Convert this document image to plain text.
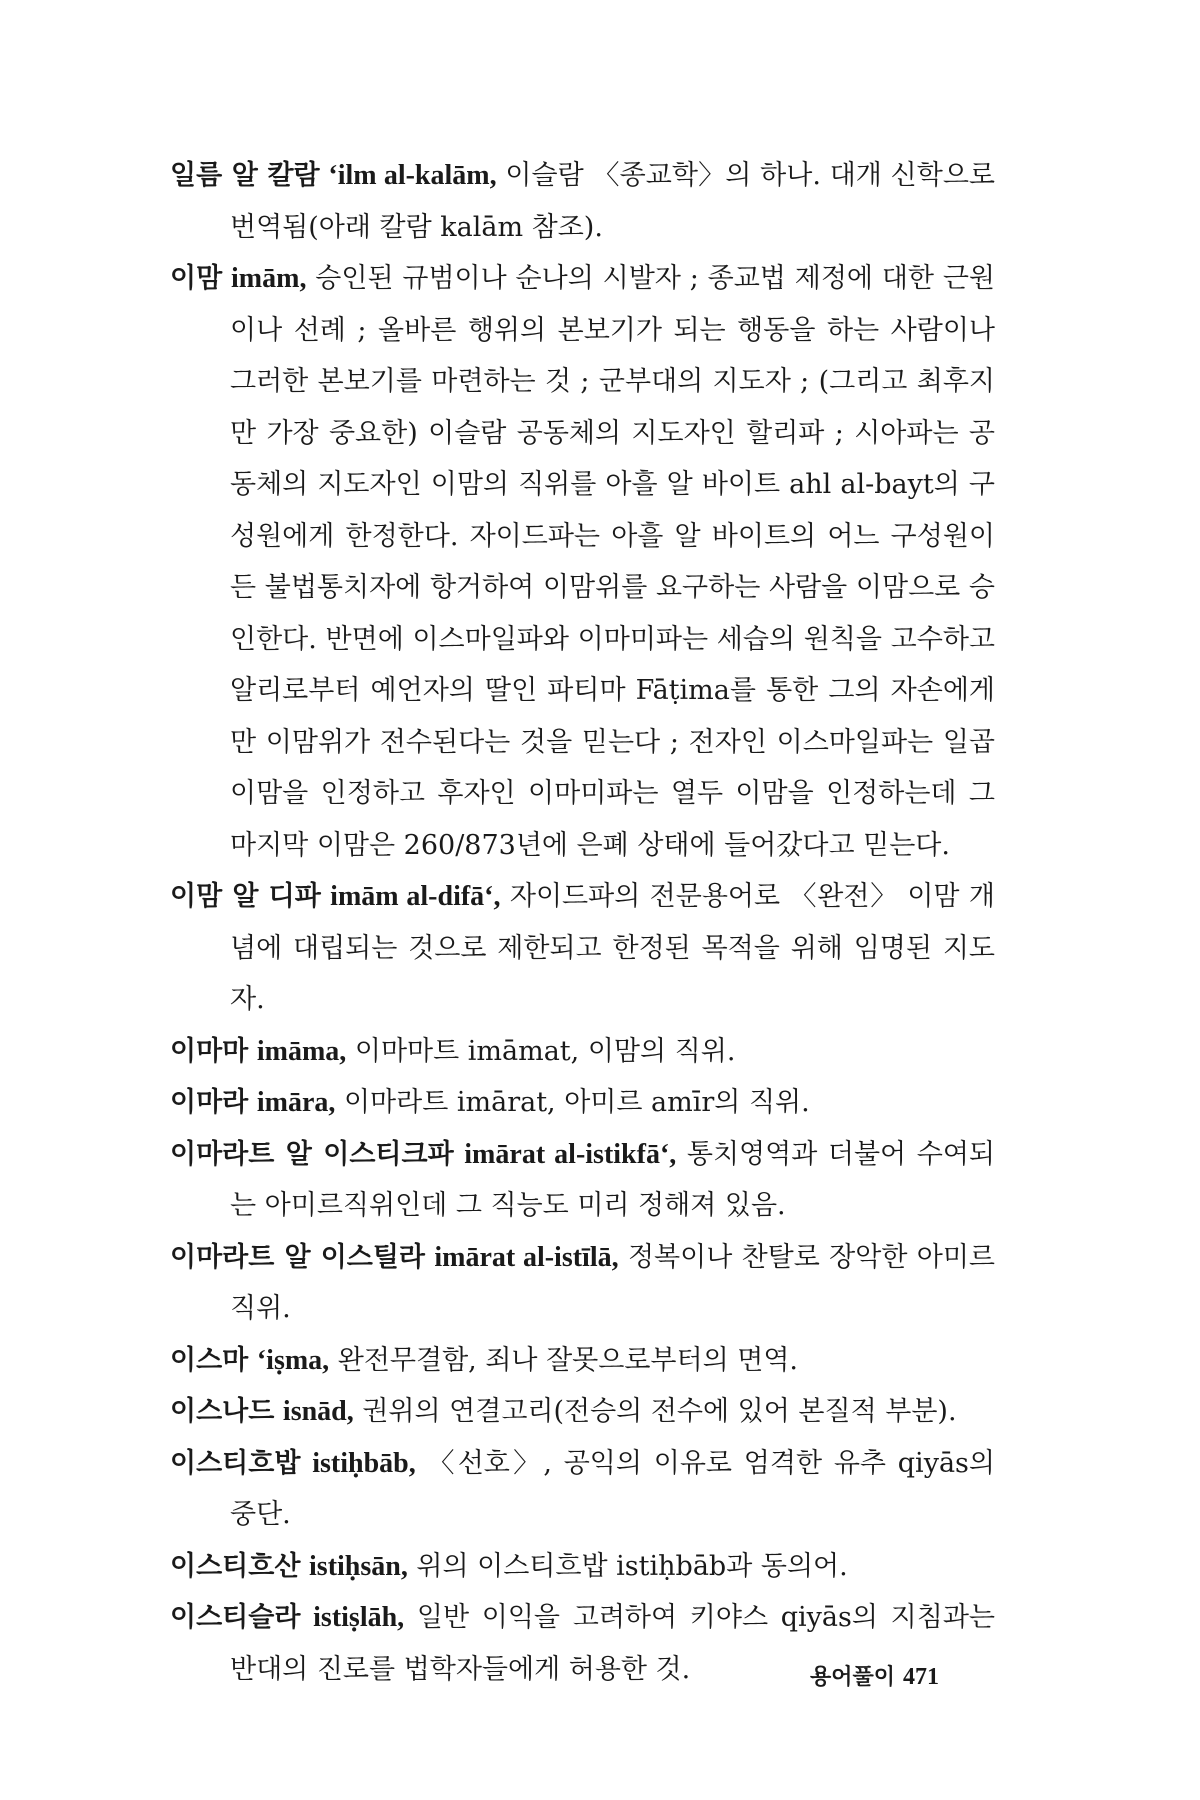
일름 알 칼람 ‘ilm al-kalām, 이슬람 〈종교학〉의 하나. 대개 신학으로 번역됨(아래 칼람 kalām 참조).

이맘 imām, 승인된 규범이나 순나의 시발자 ; 종교법 제정에 대한 근원이나 선례 ; 올바른 행위의 본보기가 되는 행동을 하는 사람이나 그러한 본보기를 마련하는 것 ; 군부대의 지도자 ; (그리고 최후지만 가장 중요한) 이슬람 공동체의 지도자인 할리파 ; 시아파는 공동체의 지도자인 이맘의 직위를 아흘 알 바이트 ahl al-bayt의 구성원에게 한정한다. 자이드파는 아흘 알 바이트의 어느 구성원이든 불법통치자에 항거하여 이맘위를 요구하는 사람을 이맘으로 승인한다. 반면에 이스마일파와 이마미파는 세습의 원칙을 고수하고 알리로부터 예언자의 딸인 파티마 Fāṭima를 통한 그의 자손에게만 이맘위가 전수된다는 것을 믿는다 ; 전자인 이스마일파는 일곱 이맘을 인정하고 후자인 이마미파는 열두 이맘을 인정하는데 그 마지막 이맘은 260/873년에 은폐 상태에 들어갔다고 믿는다.

이맘 알 디파 imām al-difā‘, 자이드파의 전문용어로 〈완전〉 이맘 개념에 대립되는 것으로 제한되고 한정된 목적을 위해 임명된 지도자.

이마마 imāma, 이마마트 imāmat, 이맘의 직위.

이마라 imāra, 이마라트 imārat, 아미르 amīr의 직위.

이마라트 알 이스티크파 imārat al-istikfā‘, 통치영역과 더불어 수여되는 아미르직위인데 그 직능도 미리 정해져 있음.

이마라트 알 이스틸라 imārat al-istīlā, 정복이나 찬탈로 장악한 아미르 직위.

이스마 ‘iṣma, 완전무결함, 죄나 잘못으로부터의 면역.

이스나드 isnād, 권위의 연결고리(전승의 전수에 있어 본질적 부분).

이스티흐밥 istiḥbāb, 〈선호〉, 공익의 이유로 엄격한 유추 qiyās의 중단.

이스티흐산 istiḥsān, 위의 이스티흐밥 istiḥbāb과 동의어.

이스티슬라 istiṣlāh, 일반 이익을 고려하여 키야스 qiyās의 지침과는 반대의 진로를 법학자들에게 허용한 것.	용어풀이 471
